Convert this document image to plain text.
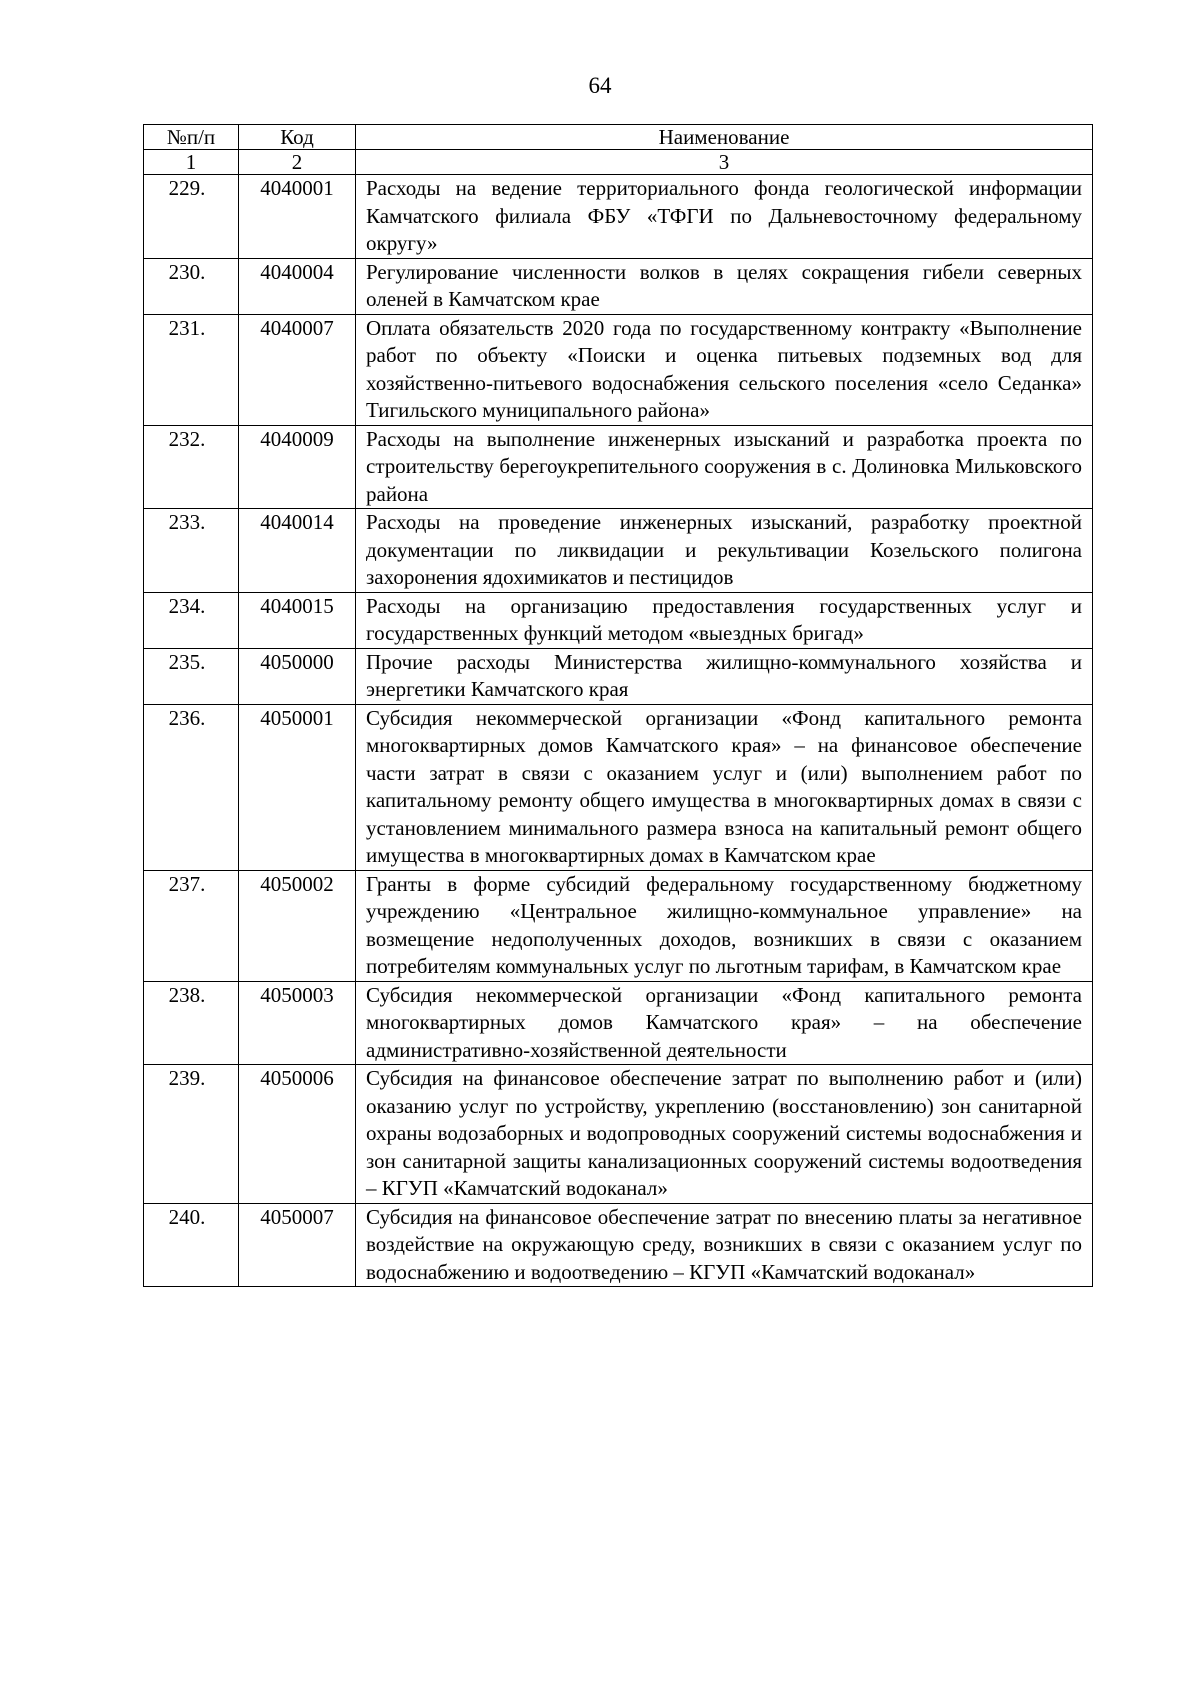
64
№п/п	Код	Наименование
1	2	3
229.	4040001	Расходы на ведение территориального фонда геологической информации Камчатского филиала ФБУ «ТФГИ по Дальневосточному федеральному округу»
230.	4040004	Регулирование численности волков в целях сокращения гибели северных оленей в Камчатском крае
231.	4040007	Оплата обязательств 2020 года по государственному контракту «Выполнение работ по объекту «Поиски и оценка питьевых подземных вод для хозяйственно-питьевого водоснабжения сельского поселения «село Седанка» Тигильского муниципального района»
232.	4040009	Расходы на выполнение инженерных изысканий и разработка проекта по строительству берегоукрепительного сооружения в с. Долиновка Мильковского района
233.	4040014	Расходы на проведение инженерных изысканий, разработку проектной документации по ликвидации и рекультивации Козельского полигона захоронения ядохимикатов и пестицидов
234.	4040015	Расходы на организацию предоставления государственных услуг и государственных функций методом «выездных бригад»
235.	4050000	Прочие расходы Министерства жилищно-коммунального хозяйства и энергетики Камчатского края
236.	4050001	Субсидия некоммерческой организации «Фонд капитального ремонта многоквартирных домов Камчатского края» – на финансовое обеспечение части затрат в связи с оказанием услуг и (или) выполнением работ по капитальному ремонту общего имущества в многоквартирных домах в связи с установлением минимального размера взноса на капитальный ремонт общего имущества в многоквартирных домах в Камчатском крае
237.	4050002	Гранты в форме субсидий федеральному государственному бюджетному учреждению «Центральное жилищно-коммунальное управление» на возмещение недополученных доходов, возникших в связи с оказанием потребителям коммунальных услуг по льготным тарифам, в Камчатском крае
238.	4050003	Субсидия некоммерческой организации «Фонд капитального ремонта многоквартирных домов Камчатского края» – на обеспечение административно-хозяйственной деятельности
239.	4050006	Субсидия на финансовое обеспечение затрат по выполнению работ и (или) оказанию услуг по устройству, укреплению (восстановлению) зон санитарной охраны водозаборных и водопроводных сооружений системы водоснабжения и зон санитарной защиты канализационных сооружений системы водоотведения – КГУП «Камчатский водоканал»
240.	4050007	Субсидия на финансовое обеспечение затрат по внесению платы за негативное воздействие на окружающую среду, возникших в связи с оказанием услуг по водоснабжению и водоотведению – КГУП «Камчатский водоканал»
